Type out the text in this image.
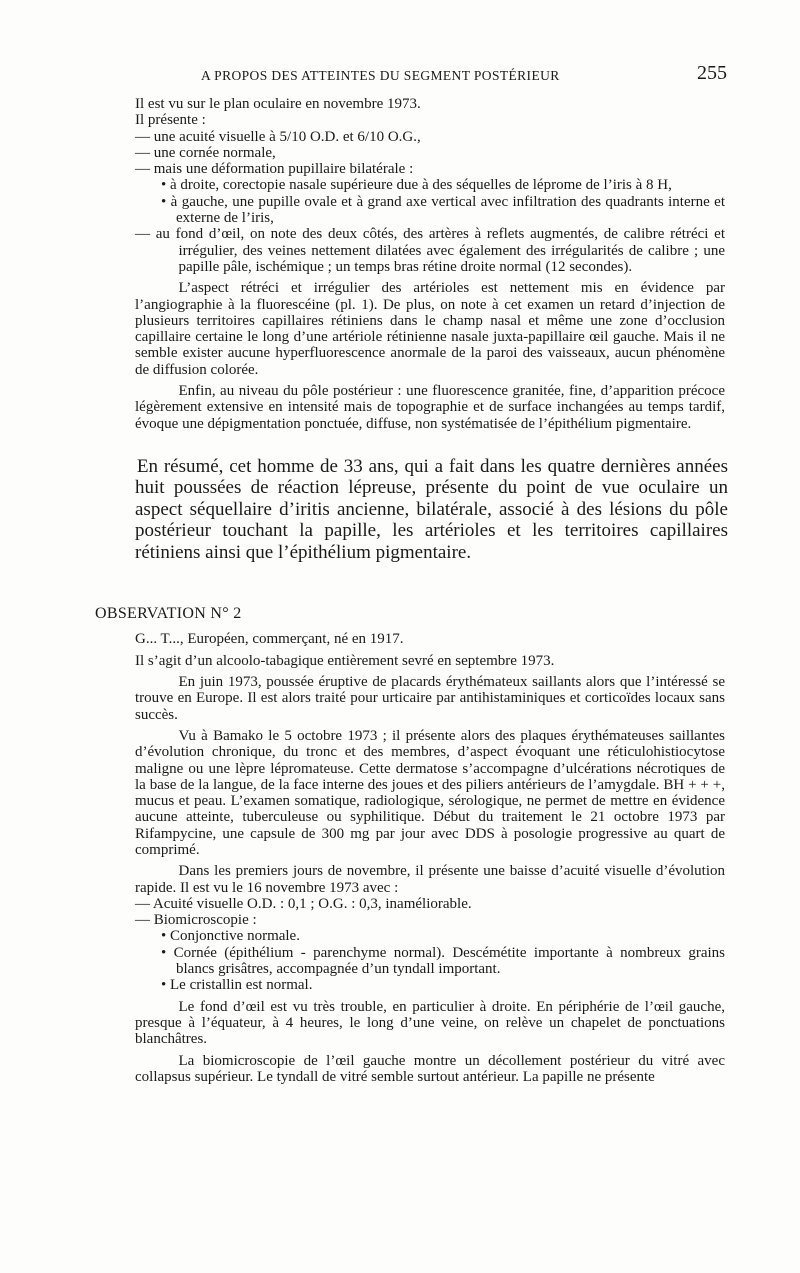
A PROPOS DES ATTEINTES DU SEGMENT POSTÉRIEUR	255

Il est vu sur le plan oculaire en novembre 1973.

Il présente :

— une acuité visuelle à 5/10 O.D. et 6/10 O.G.,

— une cornée normale,

— mais une déformation pupillaire bilatérale :

• à droite, corectopie nasale supérieure due à des séquelles de léprome de l’iris à 8 H,

• à gauche, une pupille ovale et à grand axe vertical avec infiltration des quadrants interne et externe de l’iris,

— au fond d’œil, on note des deux côtés, des artères à reflets augmentés, de calibre rétréci et irrégulier, des veines nettement dilatées avec également des irrégularités de calibre ; une papille pâle, ischémique ; un temps bras rétine droite normal (12 secondes).

L’aspect rétréci et irrégulier des artérioles est nettement mis en évidence par l’angiographie à la fluorescéine (pl. 1). De plus, on note à cet examen un retard d’injection de plusieurs territoires capillaires rétiniens dans le champ nasal et même une zone d’occlusion capillaire certaine le long d’une artériole rétinienne nasale juxta-papillaire œil gauche. Mais il ne semble exister aucune hyperfluorescence anormale de la paroi des vaisseaux, aucun phénomène de diffusion colorée.

Enfin, au niveau du pôle postérieur : une fluorescence granitée, fine, d’apparition précoce légèrement extensive en intensité mais de topographie et de surface inchangées au temps tardif, évoque une dépigmentation ponctuée, diffuse, non systématisée de l’épithélium pigmentaire.

En résumé, cet homme de 33 ans, qui a fait dans les quatre dernières années huit poussées de réaction lépreuse, présente du point de vue oculaire un aspect séquellaire d’iritis ancienne, bilatérale, associé à des lésions du pôle postérieur touchant la papille, les artérioles et les territoires capillaires rétiniens ainsi que l’épithélium pigmentaire.

OBSERVATION N° 2

G... T..., Européen, commerçant, né en 1917.

Il s’agit d’un alcoolo-tabagique entièrement sevré en septembre 1973.

En juin 1973, poussée éruptive de placards érythémateux saillants alors que l’intéressé se trouve en Europe. Il est alors traité pour urticaire par antihistaminiques et corticoïdes locaux sans succès.

Vu à Bamako le 5 octobre 1973 ; il présente alors des plaques érythémateuses saillantes d’évolution chronique, du tronc et des membres, d’aspect évoquant une réticulohistiocytose maligne ou une lèpre lépromateuse. Cette dermatose s’accompagne d’ulcérations nécrotiques de la base de la langue, de la face interne des joues et des piliers antérieurs de l’amygdale. BH + + +, mucus et peau. L’examen somatique, radiologique, sérologique, ne permet de mettre en évidence aucune atteinte, tuberculeuse ou syphilitique. Début du traitement le 21 octobre 1973 par Rifampycine, une capsule de 300 mg par jour avec DDS à posologie progressive au quart de comprimé.

Dans les premiers jours de novembre, il présente une baisse d’acuité visuelle d’évolution rapide. Il est vu le 16 novembre 1973 avec :

— Acuité visuelle O.D. : 0,1 ; O.G. : 0,3, inaméliorable.

— Biomicroscopie :

• Conjonctive normale.

• Cornée (épithélium - parenchyme normal). Descémétite importante à nombreux grains blancs grisâtres, accompagnée d’un tyndall important.

• Le cristallin est normal.

Le fond d’œil est vu très trouble, en particulier à droite. En périphérie de l’œil gauche, presque à l’équateur, à 4 heures, le long d’une veine, on relève un chapelet de ponctuations blanchâtres.

La biomicroscopie de l’œil gauche montre un décollement postérieur du vitré avec collapsus supérieur. Le tyndall de vitré semble surtout antérieur. La papille ne présente
